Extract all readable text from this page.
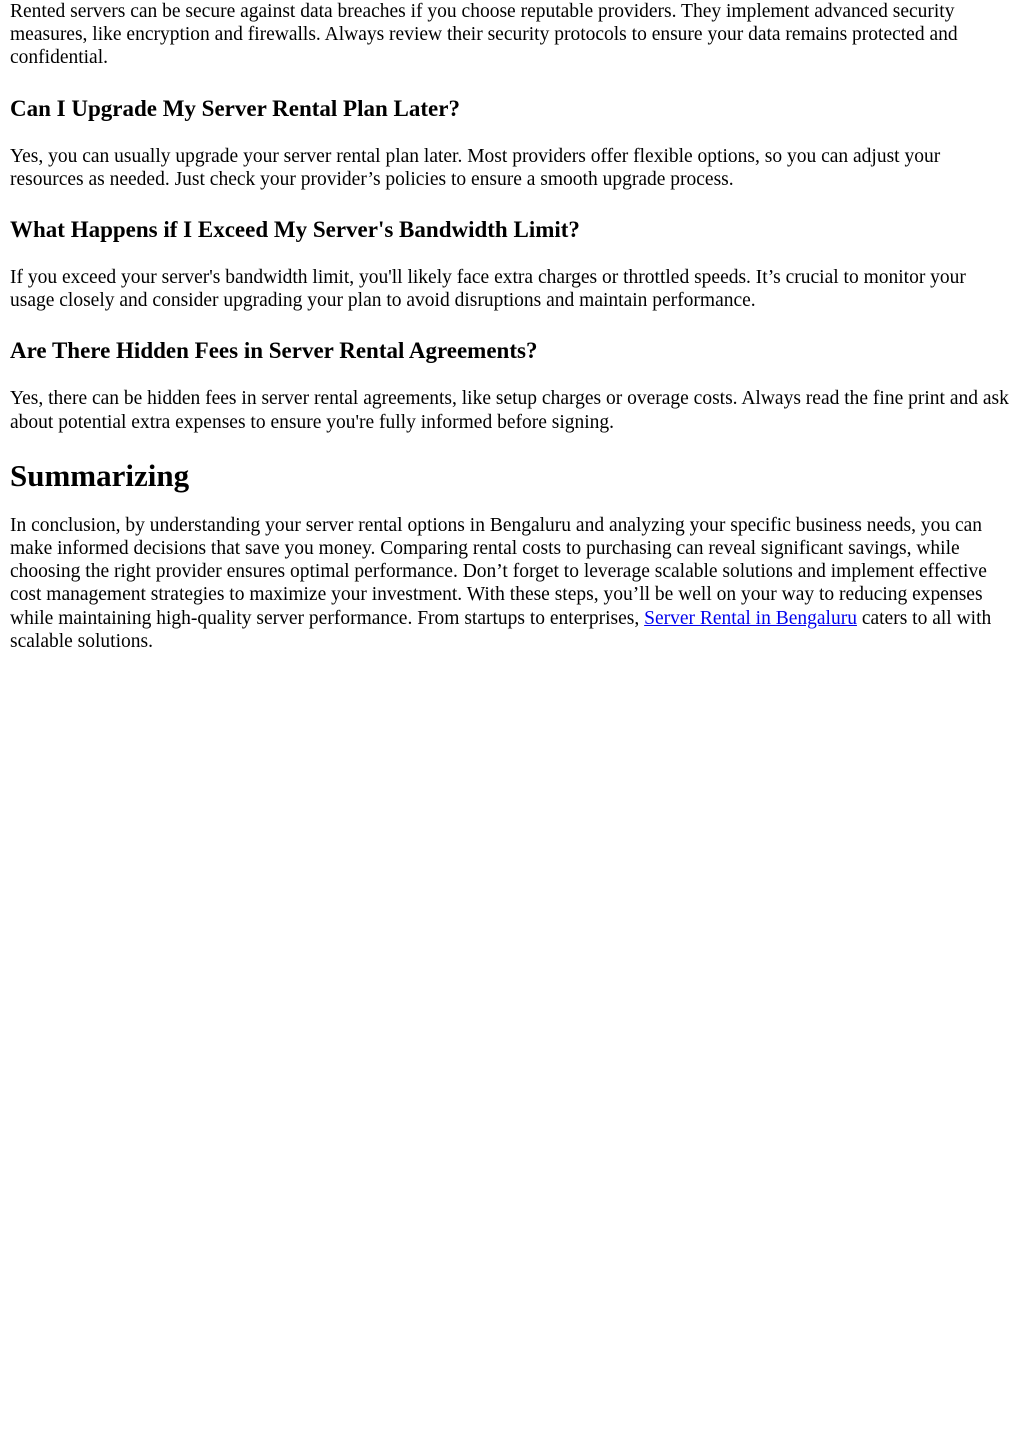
Rented servers can be secure against data breaches if you choose reputable providers. They implement advanced security measures, like encryption and firewalls. Always review their security protocols to ensure your data remains protected and confidential.

Can I Upgrade My Server Rental Plan Later?

Yes, you can usually upgrade your server rental plan later. Most providers offer flexible options, so you can adjust your resources as needed. Just check your provider’s policies to ensure a smooth upgrade process.

What Happens if I Exceed My Server's Bandwidth Limit?

If you exceed your server's bandwidth limit, you'll likely face extra charges or throttled speeds. It’s crucial to monitor your usage closely and consider upgrading your plan to avoid disruptions and maintain performance.

Are There Hidden Fees in Server Rental Agreements?

Yes, there can be hidden fees in server rental agreements, like setup charges or overage costs. Always read the fine print and ask about potential extra expenses to ensure you're fully informed before signing.

Summarizing

In conclusion, by understanding your server rental options in Bengaluru and analyzing your specific business needs, you can make informed decisions that save you money. Comparing rental costs to purchasing can reveal significant savings, while choosing the right provider ensures optimal performance. Don’t forget to leverage scalable solutions and implement effective cost management strategies to maximize your investment. With these steps, you’ll be well on your way to reducing expenses while maintaining high-quality server performance. From startups to enterprises, Server Rental in Bengaluru caters to all with scalable solutions.
